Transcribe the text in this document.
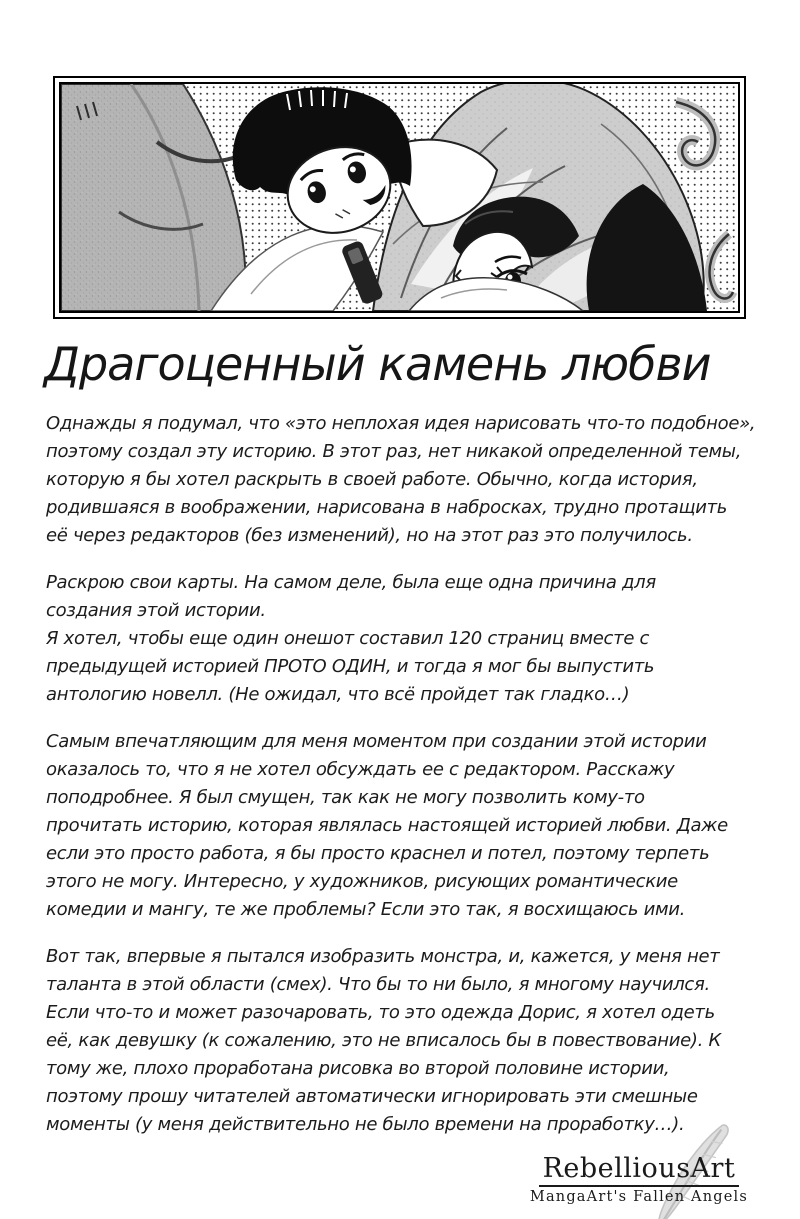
Драгоценный камень любви
Однажды я подумал, что «это неплохая идея нарисовать что-то подобное»,
поэтому создал эту историю. В этот раз, нет никакой определенной темы,
которую я бы хотел раскрыть в своей работе. Обычно, когда история,
родившаяся в воображении, нарисована в набросках, трудно протащить
её через редакторов (без изменений), но на этот раз это получилось.
Раскрою свои карты. На самом деле, была еще одна причина для
создания этой истории.
Я хотел, чтобы еще один онешот составил 120 страниц вместе с
предыдущей историей ПРОТО ОДИН, и тогда я мог бы выпустить
антологию новелл. (Не ожидал, что всё пройдет так гладко…)
Самым впечатляющим для меня моментом при создании этой истории
оказалось то, что я не хотел обсуждать ее с редактором. Расскажу
поподробнее. Я был смущен, так как не могу позволить кому-то
прочитать историю, которая являлась настоящей историей любви. Даже
если это просто работа, я бы просто краснел и потел, поэтому терпеть
этого не могу. Интересно, у художников, рисующих романтические
комедии и мангу, те же проблемы? Если это так, я восхищаюсь ими.
Вот так, впервые я пытался изобразить монстра, и, кажется, у меня нет
таланта в этой области (смех). Что бы то ни было, я многому научился.
Если что-то и может разочаровать, то это одежда Дорис, я хотел одеть
её, как девушку (к сожалению, это не вписалось бы в повествование). К
тому же, плохо проработана рисовка во второй половине истории,
поэтому прошу читателей автоматически игнорировать эти смешные
моменты (у меня действительно не было времени на проработку…).
RebelliousArt
MangaArt's Fallen Angels
